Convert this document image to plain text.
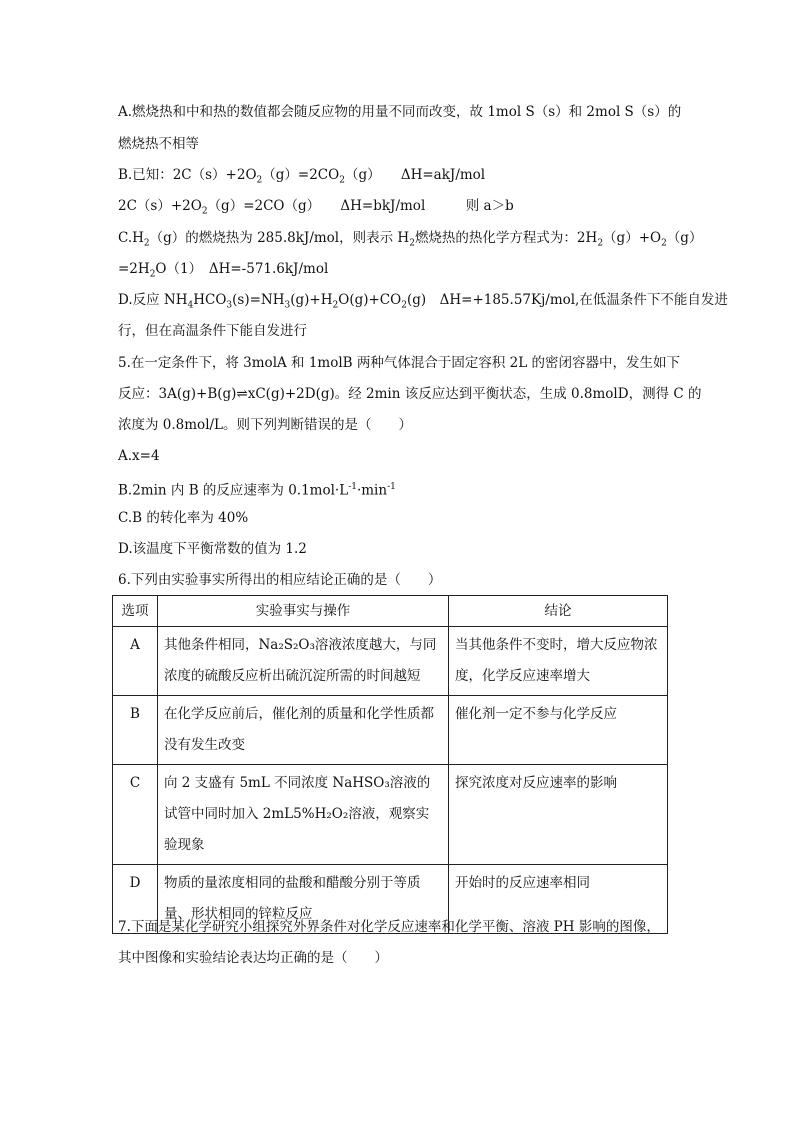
A.燃烧热和中和热的数值都会随反应物的用量不同而改变，故 1mol S（s）和 2mol S（s）的
燃烧热不相等
B.已知：$2C(s)+2O_2(g)=2CO_2(g)$　　ΔH=akJ/mol
$2C(s)+2O_2(g)=2CO(g)$　　ΔH=bkJ/mol　　　则 a＞b
$C.H_2(g)$的燃烧热为 285.8kJ/mol，则表示 $H_2$燃烧热的热化学方程式为：$2H_2(g)+O_2(g)$
$=2H_2O(1)$　ΔH=-571.6kJ/mol
D.反应 $NH_4HCO_3(s)=NH_3(g)+H_2O(g)+CO_2(g)$　ΔH=+185.57Kj/mol,在低温条件下不能自发进
行，但在高温条件下能自发进行
5.在一定条件下，将 3molA 和 1molB 两种气体混合于固定容积 2L 的密闭容器中，发生如下
反应：3A(g)+B(g)⇌xC(g)+2D(g)。经 2min 该反应达到平衡状态，生成 0.8molD，测得 C 的
浓度为 0.8mol/L。则下列判断错误的是（　　）
A.x=4
B.2min 内 B 的反应速率为 $0.1mol\cdot L^{-1}\cdot\min^{-1}$
C.B 的转化率为 40%
D.该温度下平衡常数的值为 1.2
6.下列由实验事实所得出的相应结论正确的是（　　）
选项	实验事实与操作	结论
A	其他条件相同，Na₂S₂O₃溶液浓度越大，与同浓度的硫酸反应析出硫沉淀所需的时间越短	当其他条件不变时，增大反应物浓度，化学反应速率增大
B	在化学反应前后，催化剂的质量和化学性质都没有发生改变	催化剂一定不参与化学反应
C	向 2 支盛有 5mL 不同浓度 NaHSO₃溶液的试管中同时加入 2mL5%H₂O₂溶液，观察实验现象	探究浓度对反应速率的影响
D	物质的量浓度相同的盐酸和醋酸分别于等质量、形状相同的锌粒反应	开始时的反应速率相同
7.下面是某化学研究小组探究外界条件对化学反应速率和化学平衡、溶液 PH 影响的图像，
其中图像和实验结论表达均正确的是（　　）
